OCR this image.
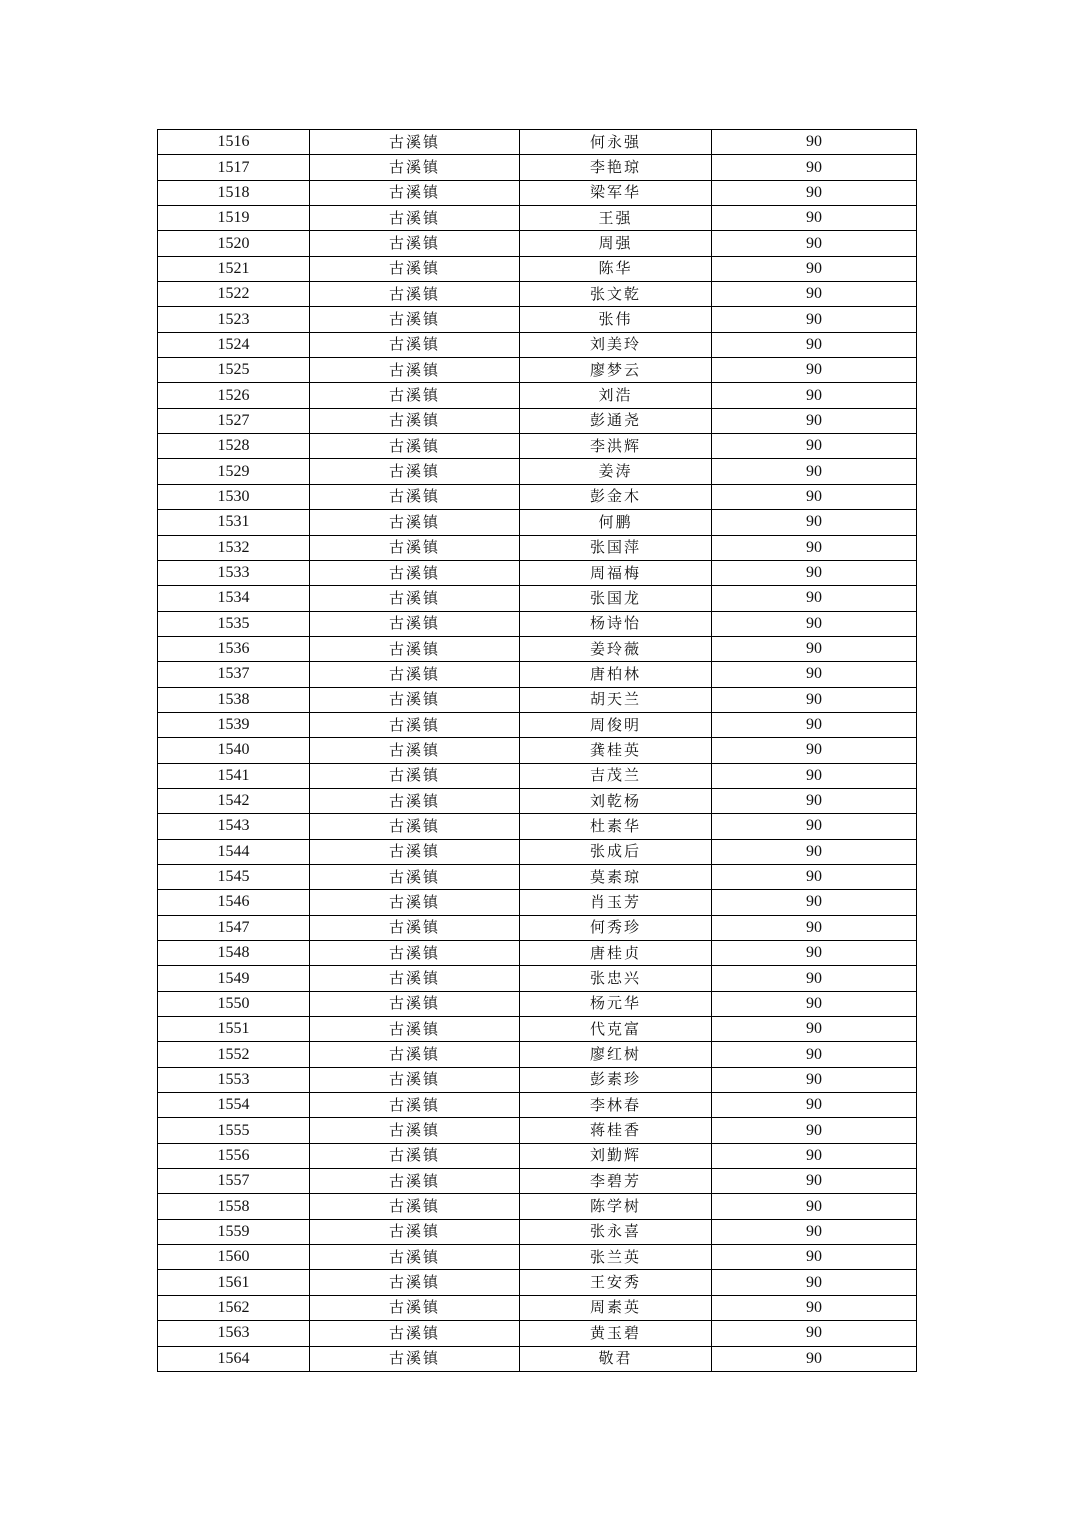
1516	古溪镇	何永强	90
1517	古溪镇	李艳琼	90
1518	古溪镇	梁军华	90
1519	古溪镇	王强	90
1520	古溪镇	周强	90
1521	古溪镇	陈华	90
1522	古溪镇	张文乾	90
1523	古溪镇	张伟	90
1524	古溪镇	刘美玲	90
1525	古溪镇	廖梦云	90
1526	古溪镇	刘浩	90
1527	古溪镇	彭通尧	90
1528	古溪镇	李洪辉	90
1529	古溪镇	姜涛	90
1530	古溪镇	彭金木	90
1531	古溪镇	何鹏	90
1532	古溪镇	张国萍	90
1533	古溪镇	周福梅	90
1534	古溪镇	张国龙	90
1535	古溪镇	杨诗怡	90
1536	古溪镇	姜玲薇	90
1537	古溪镇	唐柏林	90
1538	古溪镇	胡天兰	90
1539	古溪镇	周俊明	90
1540	古溪镇	龚桂英	90
1541	古溪镇	吉茂兰	90
1542	古溪镇	刘乾杨	90
1543	古溪镇	杜素华	90
1544	古溪镇	张成后	90
1545	古溪镇	莫素琼	90
1546	古溪镇	肖玉芳	90
1547	古溪镇	何秀珍	90
1548	古溪镇	唐桂贞	90
1549	古溪镇	张忠兴	90
1550	古溪镇	杨元华	90
1551	古溪镇	代克富	90
1552	古溪镇	廖红树	90
1553	古溪镇	彭素珍	90
1554	古溪镇	李林春	90
1555	古溪镇	蒋桂香	90
1556	古溪镇	刘勤辉	90
1557	古溪镇	李碧芳	90
1558	古溪镇	陈学树	90
1559	古溪镇	张永喜	90
1560	古溪镇	张兰英	90
1561	古溪镇	王安秀	90
1562	古溪镇	周素英	90
1563	古溪镇	黄玉碧	90
1564	古溪镇	敬君	90
